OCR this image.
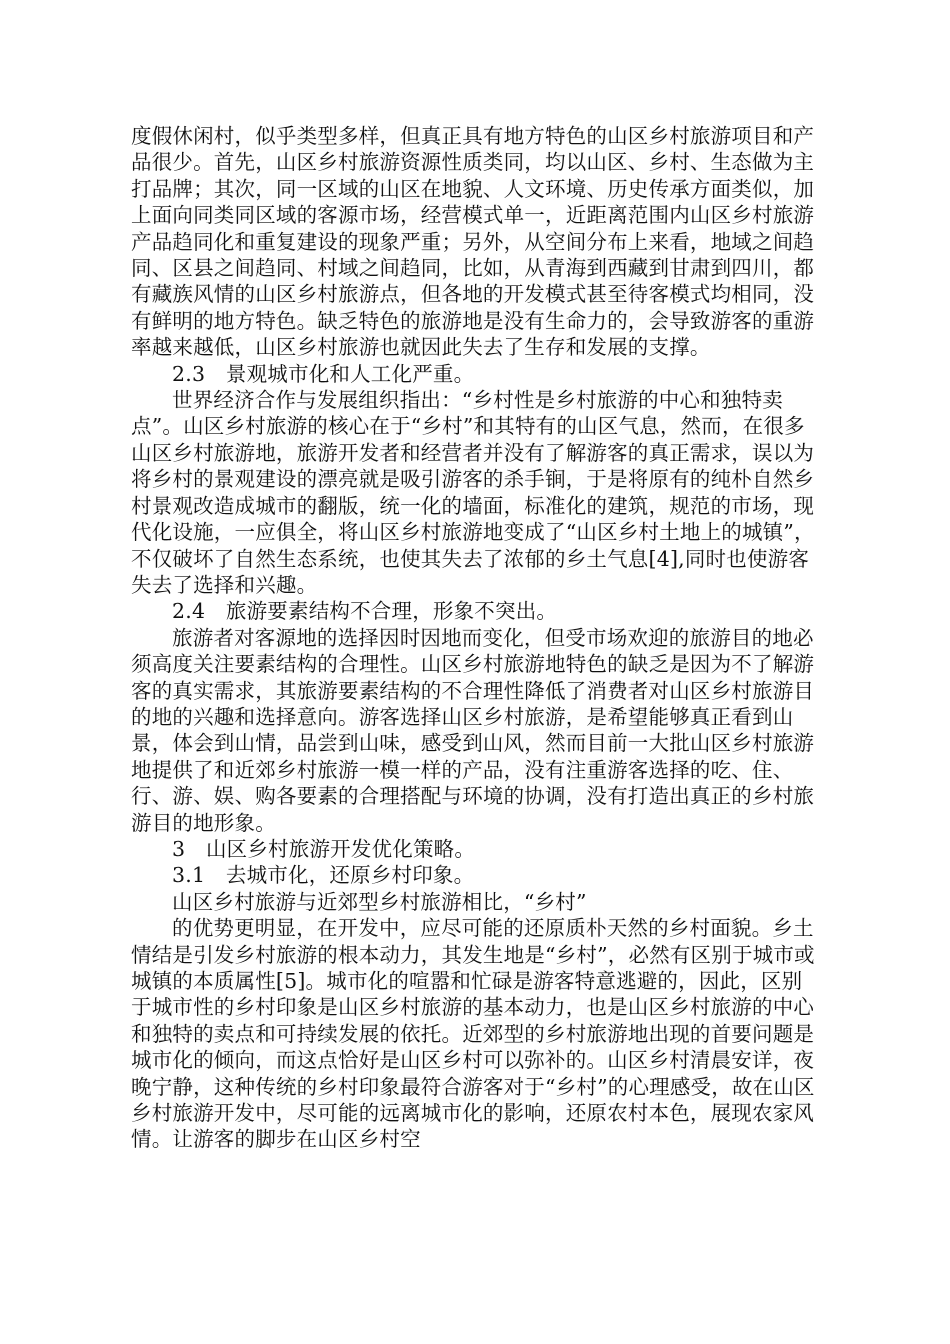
度假休闲村，似乎类型多样，但真正具有地方特色的山区乡村旅游项目和产品很少。首先，山区乡村旅游资源性质类同，均以山区、乡村、生态做为主打品牌；其次，同一区域的山区在地貌、人文环境、历史传承方面类似，加上面向同类同区域的客源市场，经营模式单一，近距离范围内山区乡村旅游产品趋同化和重复建设的现象严重；另外，从空间分布上来看，地域之间趋同、区县之间趋同、村域之间趋同，比如，从青海到西藏到甘肃到四川，都有藏族风情的山区乡村旅游点，但各地的开发模式甚至待客模式均相同，没有鲜明的地方特色。缺乏特色的旅游地是没有生命力的，会导致游客的重游率越来越低，山区乡村旅游也就因此失去了生存和发展的支撑。

2.3　景观城市化和人工化严重。

世界经济合作与发展组织指出：“乡村性是乡村旅游的中心和独特卖点”。山区乡村旅游的核心在于“乡村”和其特有的山区气息，然而，在很多山区乡村旅游地，旅游开发者和经营者并没有了解游客的真正需求，误以为将乡村的景观建设的漂亮就是吸引游客的杀手锏，于是将原有的纯朴自然乡村景观改造成城市的翻版，统一化的墙面，标准化的建筑，规范的市场，现代化设施，一应俱全，将山区乡村旅游地变成了“山区乡村土地上的城镇”，不仅破坏了自然生态系统，也使其失去了浓郁的乡土气息[4],同时也使游客失去了选择和兴趣。

2.4　旅游要素结构不合理，形象不突出。

旅游者对客源地的选择因时因地而变化，但受市场欢迎的旅游目的地必须高度关注要素结构的合理性。山区乡村旅游地特色的缺乏是因为不了解游客的真实需求，其旅游要素结构的不合理性降低了消费者对山区乡村旅游目的地的兴趣和选择意向。游客选择山区乡村旅游，是希望能够真正看到山景，体会到山情，品尝到山味，感受到山风，然而目前一大批山区乡村旅游地提供了和近郊乡村旅游一模一样的产品，没有注重游客选择的吃、住、行、游、娱、购各要素的合理搭配与环境的协调，没有打造出真正的乡村旅游目的地形象。

3　山区乡村旅游开发优化策略。

3.1　去城市化，还原乡村印象。

山区乡村旅游与近郊型乡村旅游相比，“乡村”

的优势更明显，在开发中，应尽可能的还原质朴天然的乡村面貌。乡土情结是引发乡村旅游的根本动力，其发生地是“乡村”，必然有区别于城市或城镇的本质属性[5]。城市化的喧嚣和忙碌是游客特意逃避的，因此，区别于城市性的乡村印象是山区乡村旅游的基本动力，也是山区乡村旅游的中心和独特的卖点和可持续发展的依托。近郊型的乡村旅游地出现的首要问题是城市化的倾向，而这点恰好是山区乡村可以弥补的。山区乡村清晨安详，夜晚宁静，这种传统的乡村印象最符合游客对于“乡村”的心理感受，故在山区乡村旅游开发中，尽可能的远离城市化的影响，还原农村本色，展现农家风情。让游客的脚步在山区乡村空
